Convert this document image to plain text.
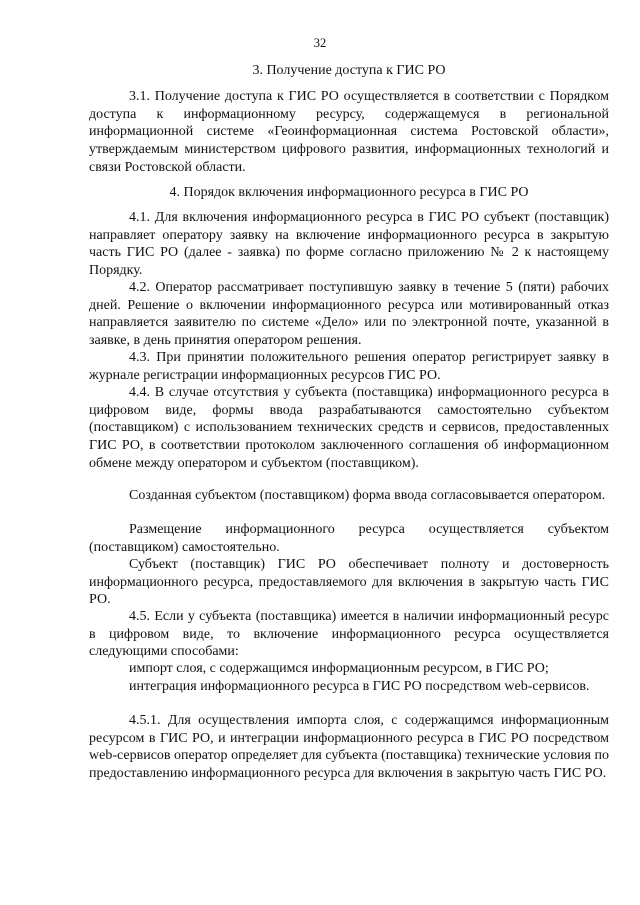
32
3. Получение доступа к ГИС РО
3.1. Получение доступа к ГИС РО осуществляется в соответствии с Порядком доступа к информационному ресурсу, содержащемуся в региональной информационной системе «Геоинформационная система Ростовской области», утверждаемым министерством цифрового развития, информационных технологий и связи Ростовской области.
4. Порядок включения информационного ресурса в ГИС РО
4.1. Для включения информационного ресурса в ГИС РО субъект (поставщик) направляет оператору заявку на включение информационного ресурса в закрытую часть ГИС РО (далее - заявка) по форме согласно приложению № 2 к настоящему Порядку.
4.2. Оператор рассматривает поступившую заявку в течение 5 (пяти) рабочих дней. Решение о включении информационного ресурса или мотивированный отказ направляется заявителю по системе «Дело» или по электронной почте, указанной в заявке, в день принятия оператором решения.
4.3. При принятии положительного решения оператор регистрирует заявку в журнале регистрации информационных ресурсов ГИС РО.
4.4. В случае отсутствия у субъекта (поставщика) информационного ресурса в цифровом виде, формы ввода разрабатываются самостоятельно субъектом (поставщиком) с использованием технических средств и сервисов, предоставленных ГИС РО, в соответствии протоколом заключенного соглашения об информационном обмене между оператором и субъектом (поставщиком).
Созданная субъектом (поставщиком) форма ввода согласовывается оператором.
Размещение информационного ресурса осуществляется субъектом (поставщиком) самостоятельно.
Субъект (поставщик) ГИС РО обеспечивает полноту и достоверность информационного ресурса, предоставляемого для включения в закрытую часть ГИС РО.
4.5. Если у субъекта (поставщика) имеется в наличии информационный ресурс в цифровом виде, то включение информационного ресурса осуществляется следующими способами:
импорт слоя, с содержащимся информационным ресурсом, в ГИС РО;
интеграция информационного ресурса в ГИС РО посредством web-сервисов.
4.5.1. Для осуществления импорта слоя, с содержащимся информационным ресурсом в ГИС РО, и интеграции информационного ресурса в ГИС РО посредством web-сервисов оператор определяет для субъекта (поставщика) технические условия по предоставлению информационного ресурса для включения в закрытую часть ГИС РО.
